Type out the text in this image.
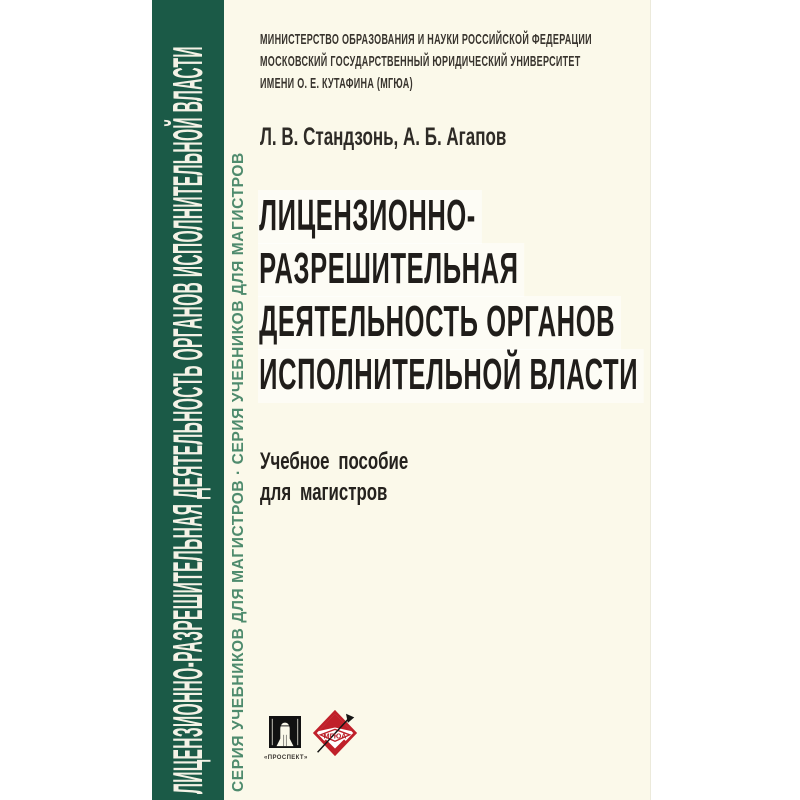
ЛИЦЕНЗИОННО-РАЗРЕШИТЕЛЬНАЯ ДЕЯТЕЛЬНОСТЬ ОРГАНОВ ИСПОЛНИТЕЛЬНОЙ ВЛАСТИ СЕРИЯ УЧЕБНИКОВ ДЛЯ МАГИСТРОВ · СЕРИЯ УЧЕБНИКОВ ДЛЯ МАГИСТРОВ
МИНИСТЕРСТВО ОБРАЗОВАНИЯ И НАУКИ РОССИЙСКОЙ ФЕДЕРАЦИИ
МОСКОВСКИЙ ГОСУДАРСТВЕННЫЙ ЮРИДИЧЕСКИЙ УНИВЕРСИТЕТ
ИМЕНИ О. Е. КУТАФИНА (МГЮА)
Л. В. Стандзонь, А. Б. Агапов
ЛИЦЕНЗИОННО-
РАЗРЕШИТЕЛЬНАЯ
ДЕЯТЕЛЬНОСТЬ ОРГАНОВ
ИСПОЛНИТЕЛЬНОЙ ВЛАСТИ
Учебное пособие
для магистров
«ПРОСПЕКТ»
МГЮА
